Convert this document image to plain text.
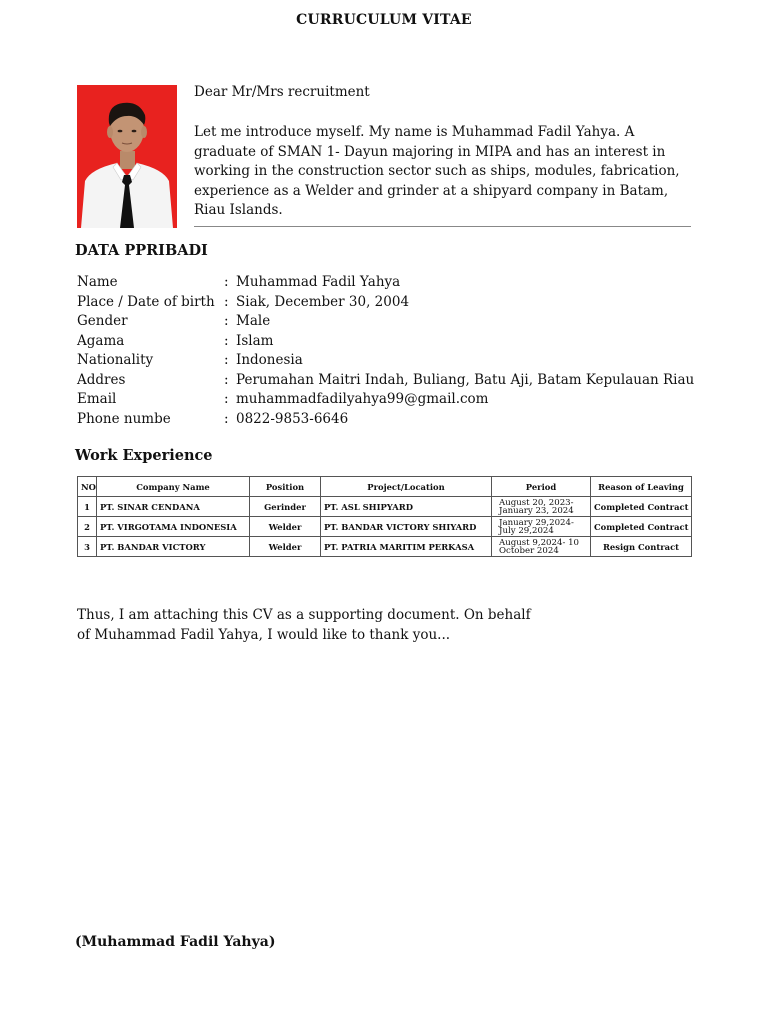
CURRUCULUM VITAE
Dear Mr/Mrs recruitment
Let me introduce myself. My name is Muhammad Fadil Yahya. A graduate of SMAN 1- Dayun majoring in MIPA and has an interest in working in the construction sector such as ships, modules, fabrication, experience as a Welder and grinder at a shipyard company in Batam, Riau Islands.
DATA PPRIBADI
Name	: Muhammad Fadil Yahya
Place / Date of birth : Siak, December 30, 2004
Gender	: Male
Agama	: Islam
Nationality	: Indonesia
Addres	: Perumahan Maitri Indah, Buliang, Batu Aji, Batam Kepulauan Riau
Email	: muhammadfadilyahya99@gmail.com
Phone numbe	: 0822-9853-6646
Work Experience
NO	Company Name	Position	Project/Location	Period	Reason of Leaving
1	PT. SINAR CENDANA	Gerinder	PT. ASL SHIPYARD	August 20, 2023- January 23, 2024	Completed Contract
2	PT. VIRGOTAMA INDONESIA	Welder	PT. BANDAR VICTORY SHIYARD	January 29,2024- July 29,2024	Completed Contract
3	PT. BANDAR VICTORY	Welder	PT. PATRIA MARITIM PERKASA	August 9,2024- 10 October 2024	Resign Contract
Thus, I am attaching this CV as a supporting document. On behalf of Muhammad Fadil Yahya, I would like to thank you...
(Muhammad Fadil Yahya)
